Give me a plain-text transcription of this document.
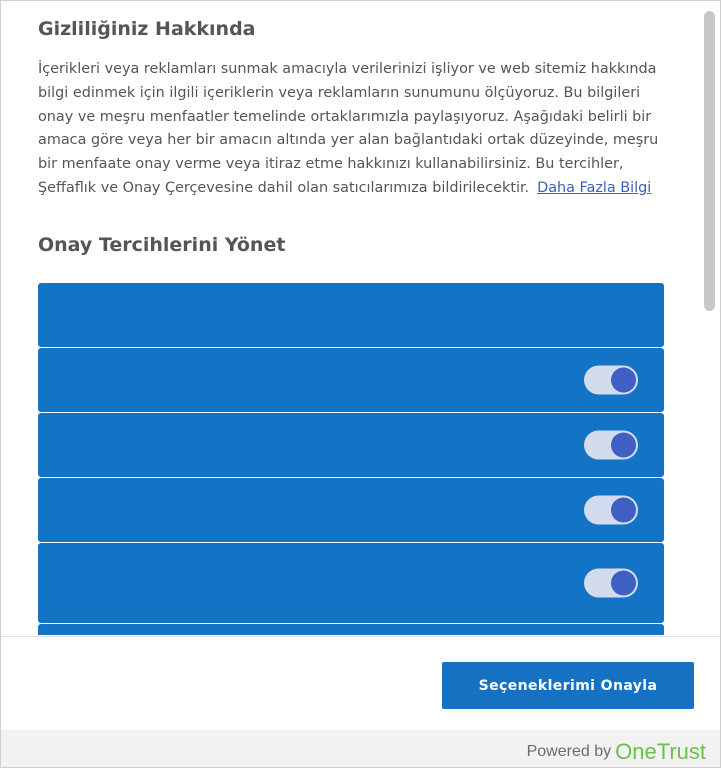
Gizliliğiniz Hakkında

İçerikleri veya reklamları sunmak amacıyla verilerinizi işliyor ve web sitemiz hakkında bilgi edinmek için ilgili içeriklerin veya reklamların sunumunu ölçüyoruz. Bu bilgileri onay ve meşru menfaatler temelinde ortaklarımızla paylaşıyoruz. Aşağıdaki belirli bir amaca göre veya her bir amacın altında yer alan bağlantıdaki ortak düzeyinde, meşru bir menfaate onay verme veya itiraz etme hakkınızı kullanabilirsiniz. Bu tercihler, Şeffaflık ve Onay Çerçevesine dahil olan satıcılarımıza bildirilecektir. Daha Fazla Bilgi

Onay Tercihlerini Yönet
Seçeneklerimi Onayla
Powered by OneTrust
